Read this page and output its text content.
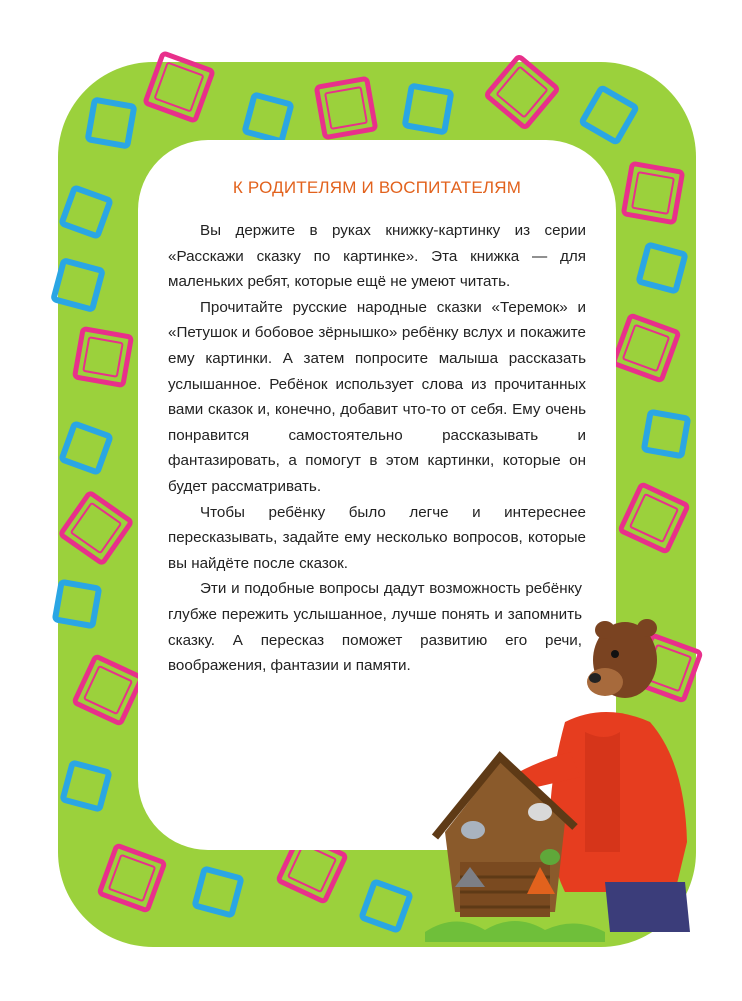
К РОДИТЕЛЯМ И ВОСПИТАТЕЛЯМ

Вы держите в руках книжку-картинку из серии «Расскажи сказку по картинке». Эта книжка — для маленьких ребят, которые ещё не умеют читать.

Прочитайте русские народные сказки «Теремок» и «Петушок и бобовое зёрнышко» ребёнку вслух и покажите ему картинки. А затем попросите малыша рассказать услышанное. Ребёнок использует слова из прочитанных вами сказок и, конечно, добавит что-то от себя. Ему очень понравится самостоятельно рассказывать и фантазировать, а помогут в этом картинки, которые он будет рассматривать.

Чтобы ребёнку было легче и интереснее пересказывать, задайте ему несколько вопросов, которые вы найдёте после сказок.

Эти и подобные вопросы дадут возможность ребёнку глубже пережить услышанное, лучше понять и запомнить сказку. А пересказ поможет развитию его речи, воображения, фантазии и памяти.
